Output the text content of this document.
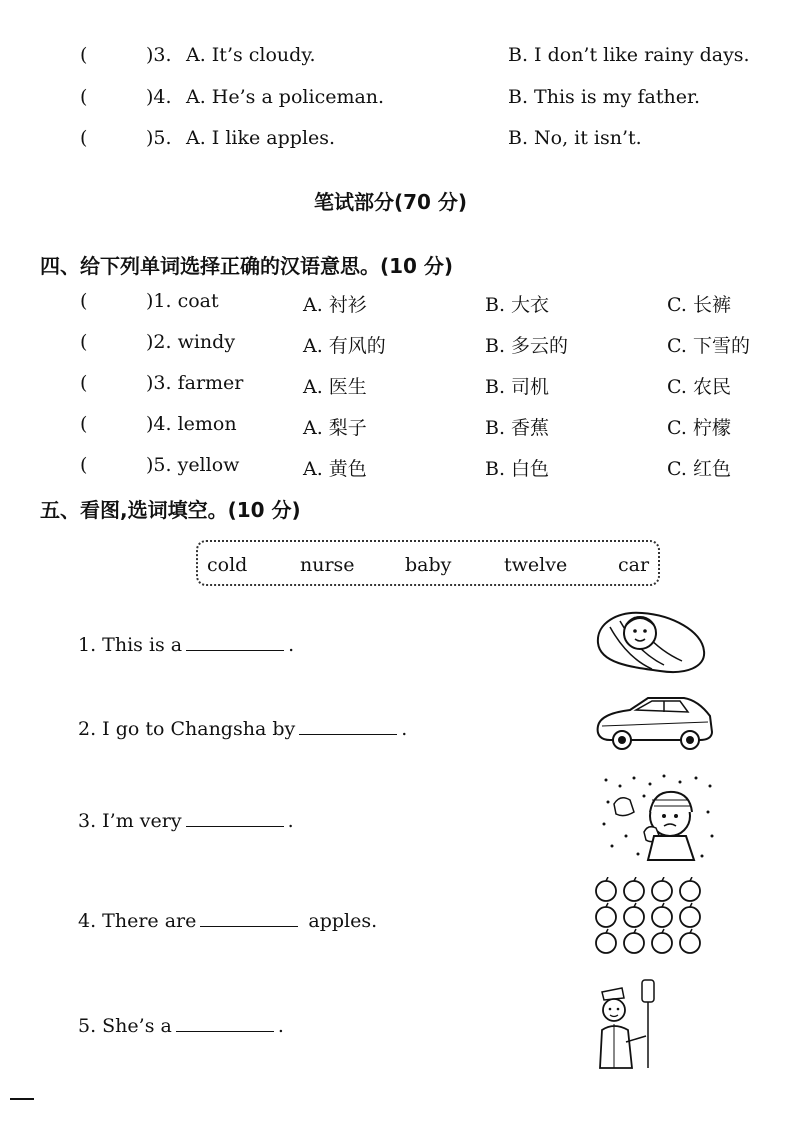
(	)3. A. It’s cloudy.	B. I don’t like rainy days.
(	)4. A. He’s a policeman.	B. This is my father.
(	)5. A. I like apples.	B. No, it isn’t.
笔试部分(70 分)
四、给下列单词选择正确的汉语意思。(10 分)
(	)1. coat	A. 衬衫	B. 大衣	C. 长裤
(	)2. windy	A. 有风的	B. 多云的	C. 下雪的
(	)3. farmer	A. 医生	B. 司机	C. 农民
(	)4. lemon	A. 梨子	B. 香蕉	C. 柠檬
(	)5. yellow	A. 黄色	B. 白色	C. 红色
五、看图,选词填空。(10 分)
cold	nurse	baby	twelve	car
1. This is a	.
2. I go to Changsha by	.
3. I’m very	.
4. There are	apples.
5. She’s a	.
